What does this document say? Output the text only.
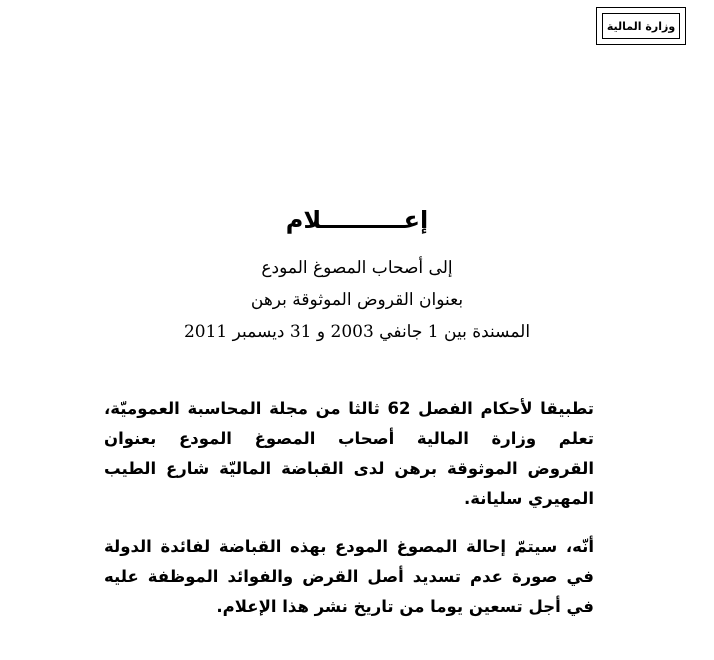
وزارة المالية
إعــــــــــلام
إلى أصحاب المصوغ المودع
بعنوان القروض الموثوقة برهن
المسندة بين 1 جانفي 2003 و 31 ديسمبر 2011
تطبيقا لأحكام الفصل 62 ثالثا من مجلة المحاسبة العموميّة،
تعلم وزارة المالية أصحاب المصوغ المودع بعنوان
القروض الموثوقة برهن لدى القباضة الماليّة شارع الطيب
المهيري سليانة.
أنّه، سيتمّ إحالة المصوغ المودع بهذه القباضة لفائدة الدولة
في صورة عدم تسديد أصل القرض والفوائد الموظفة عليه
في أجل تسعين يوما من تاريخ نشر هذا الإعلام.
